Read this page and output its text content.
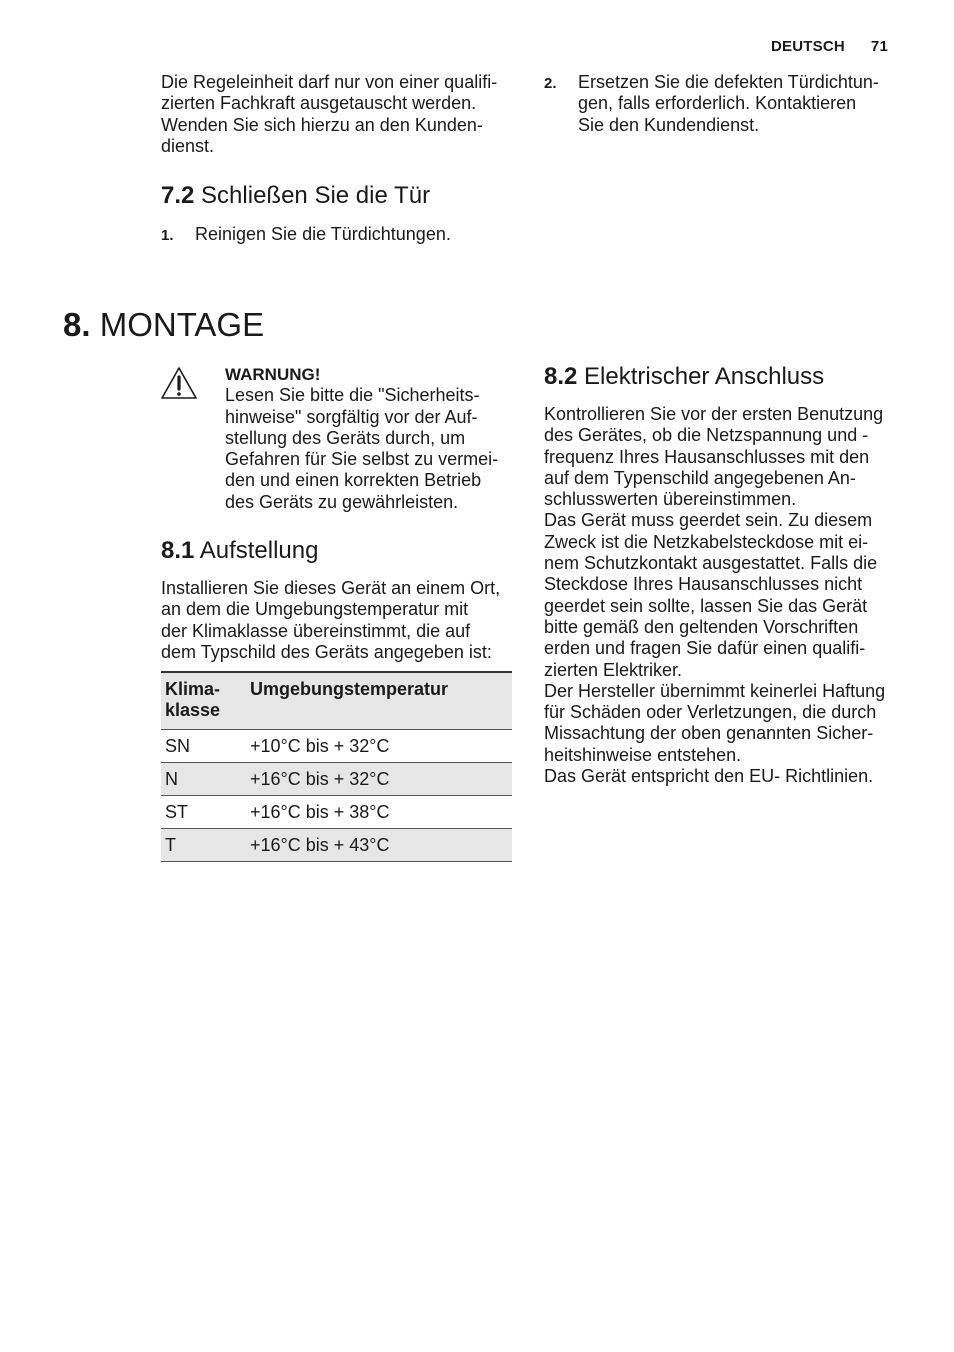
DEUTSCH 71
Die Regeleinheit darf nur von einer qualifi-
zierten Fachkraft ausgetauscht werden.
Wenden Sie sich hierzu an den Kunden-
dienst.
7.2 Schließen Sie die Tür
1. Reinigen Sie die Türdichtungen.
2. Ersetzen Sie die defekten Türdichtun-
gen, falls erforderlich. Kontaktieren
Sie den Kundendienst.
8. MONTAGE
WARNUNG!
Lesen Sie bitte die "Sicherheits-
hinweise" sorgfältig vor der Auf-
stellung des Geräts durch, um
Gefahren für Sie selbst zu vermei-
den und einen korrekten Betrieb
des Geräts zu gewährleisten.
8.1 Aufstellung
Installieren Sie dieses Gerät an einem Ort,
an dem die Umgebungstemperatur mit
der Klimaklasse übereinstimmt, die auf
dem Typschild des Geräts angegeben ist:
Klima-
klasse	Umgebungstemperatur
SN	+10°C bis + 32°C
N	+16°C bis + 32°C
ST	+16°C bis + 38°C
T	+16°C bis + 43°C
8.2 Elektrischer Anschluss
Kontrollieren Sie vor der ersten Benutzung
des Gerätes, ob die Netzspannung und -
frequenz Ihres Hausanschlusses mit den
auf dem Typenschild angegebenen An-
schlusswerten übereinstimmen.
Das Gerät muss geerdet sein. Zu diesem
Zweck ist die Netzkabelsteckdose mit ei-
nem Schutzkontakt ausgestattet. Falls die
Steckdose Ihres Hausanschlusses nicht
geerdet sein sollte, lassen Sie das Gerät
bitte gemäß den geltenden Vorschriften
erden und fragen Sie dafür einen qualifi-
zierten Elektriker.
Der Hersteller übernimmt keinerlei Haftung
für Schäden oder Verletzungen, die durch
Missachtung der oben genannten Sicher-
heitshinweise entstehen.
Das Gerät entspricht den EU- Richtlinien.
